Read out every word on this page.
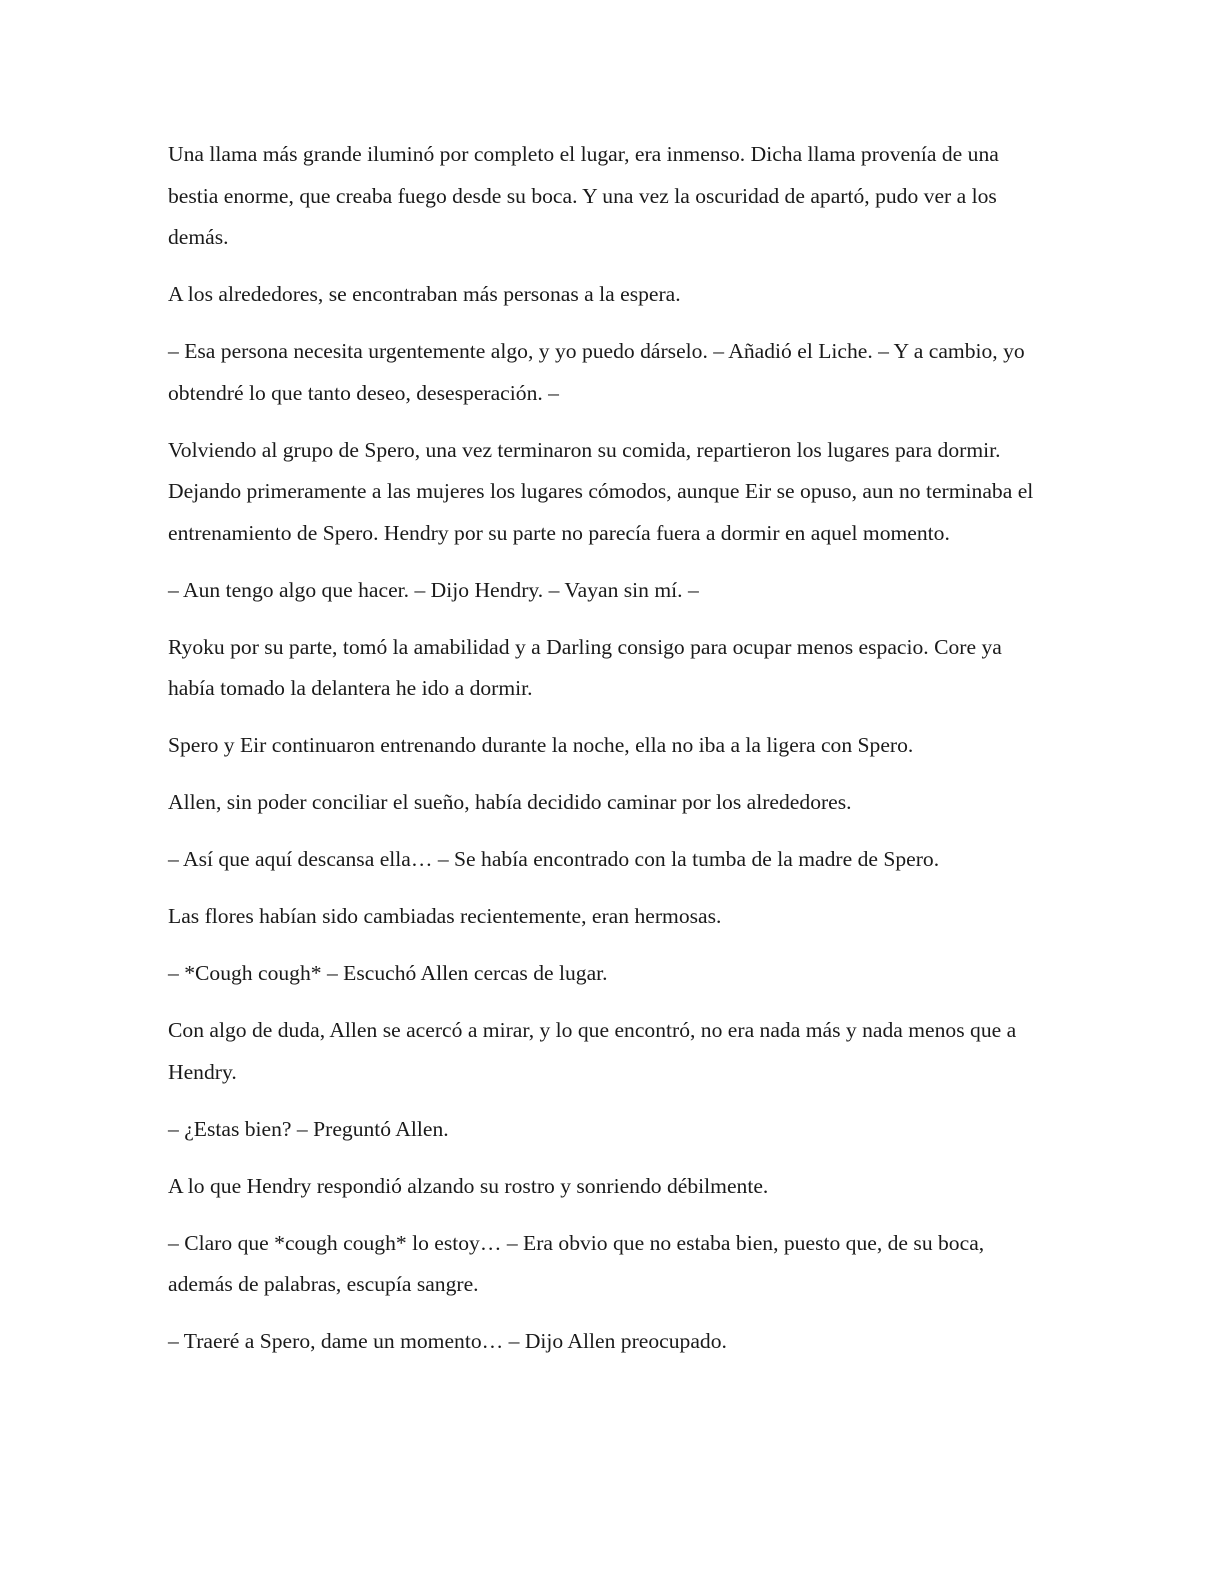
Una llama más grande iluminó por completo el lugar, era inmenso. Dicha llama provenía de una bestia enorme, que creaba fuego desde su boca. Y una vez la oscuridad de apartó, pudo ver a los demás.

A los alrededores, se encontraban más personas a la espera.

– Esa persona necesita urgentemente algo, y yo puedo dárselo. – Añadió el Liche. – Y a cambio, yo obtendré lo que tanto deseo, desesperación. –

Volviendo al grupo de Spero, una vez terminaron su comida, repartieron los lugares para dormir. Dejando primeramente a las mujeres los lugares cómodos, aunque Eir se opuso, aun no terminaba el entrenamiento de Spero. Hendry por su parte no parecía fuera a dormir en aquel momento.

– Aun tengo algo que hacer. – Dijo Hendry. – Vayan sin mí. –

Ryoku por su parte, tomó la amabilidad y a Darling consigo para ocupar menos espacio. Core ya había tomado la delantera he ido a dormir.

Spero y Eir continuaron entrenando durante la noche, ella no iba a la ligera con Spero.

Allen, sin poder conciliar el sueño, había decidido caminar por los alrededores.

– Así que aquí descansa ella… – Se había encontrado con la tumba de la madre de Spero.

Las flores habían sido cambiadas recientemente, eran hermosas.

– *Cough cough* – Escuchó Allen cercas de lugar.

Con algo de duda, Allen se acercó a mirar, y lo que encontró, no era nada más y nada menos que a Hendry.

– ¿Estas bien? – Preguntó Allen.

A lo que Hendry respondió alzando su rostro y sonriendo débilmente.

– Claro que *cough cough* lo estoy… – Era obvio que no estaba bien, puesto que, de su boca, además de palabras, escupía sangre.

– Traeré a Spero, dame un momento… – Dijo Allen preocupado.
